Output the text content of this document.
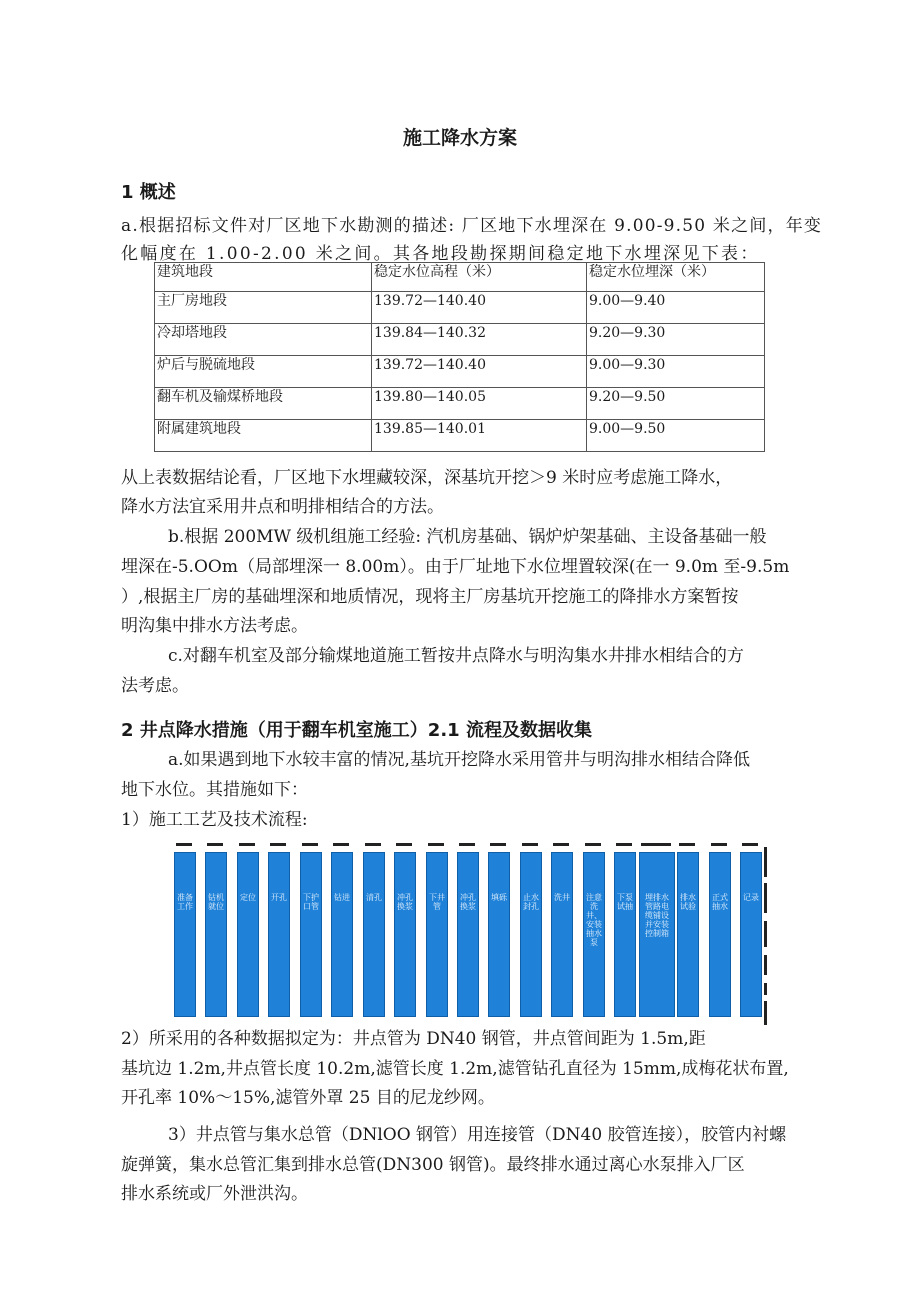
施工降水方案
1 概述
a.根据招标文件对厂区地下水勘测的描述: 厂区地下水埋深在 9.00-9.50 米之间，年变
化幅度在 1.00-2.00 米之间。其各地段勘探期间稳定地下水埋深见下表：
建筑地段	稳定水位高程（米）	稳定水位埋深（米）
主厂房地段	139.72—140.40	9.00—9.40
冷却塔地段	139.84—140.32	9.20—9.30
炉后与脱硫地段	139.72—140.40	9.00—9.30
翻车机及输煤桥地段	139.80—140.05	9.20—9.50
附属建筑地段	139.85—140.01	9.00—9.50
从上表数据结论看，厂区地下水埋藏较深，深基坑开挖＞9 米时应考虑施工降水，
降水方法宜采用井点和明排相结合的方法。
b.根据 200MW 级机组施工经验: 汽机房基础、锅炉炉架基础、主设备基础一般
埋深在-5.OOm（局部埋深一 8.00m）。由于厂址地下水位埋置较深(在一 9.0m 至-9.5m
）,根据主厂房的基础埋深和地质情况，现将主厂房基坑开挖施工的降排水方案暂按
明沟集中排水方法考虑。
c.对翻车机室及部分输煤地道施工暂按井点降水与明沟集水井排水相结合的方
法考虑。
2 井点降水措施（用于翻车机室施工）2.1 流程及数据收集
a.如果遇到地下水较丰富的情况,基坑开挖降水采用管井与明沟排水相结合降低
地下水位。其措施如下：
1）施工工艺及技术流程:
准备工作
钻机就位
定位 开孔 下护口管
钻进 清孔 冲孔换浆
下井管
冲孔换浆
填砾 止水封孔
洗井 注意洗井、安装抽水泵
下泵试抽
埋排水管路电缆铺设并安装控制箱
排水试验
正式抽水
记录
2）所采用的各种数据拟定为：井点管为 DN40 钢管，井点管间距为 1.5m,距
基坑边 1.2m,井点管长度 10.2m,滤管长度 1.2m,滤管钻孔直径为 15mm,成梅花状布置,
开孔率 10%～15%,滤管外罩 25 目的尼龙纱网。
3）井点管与集水总管（DNlOO 钢管）用连接管（DN40 胶管连接），胶管内衬螺
旋弹簧，集水总管汇集到排水总管(DN300 钢管)。最终排水通过离心水泵排入厂区
排水系统或厂外泄洪沟。
